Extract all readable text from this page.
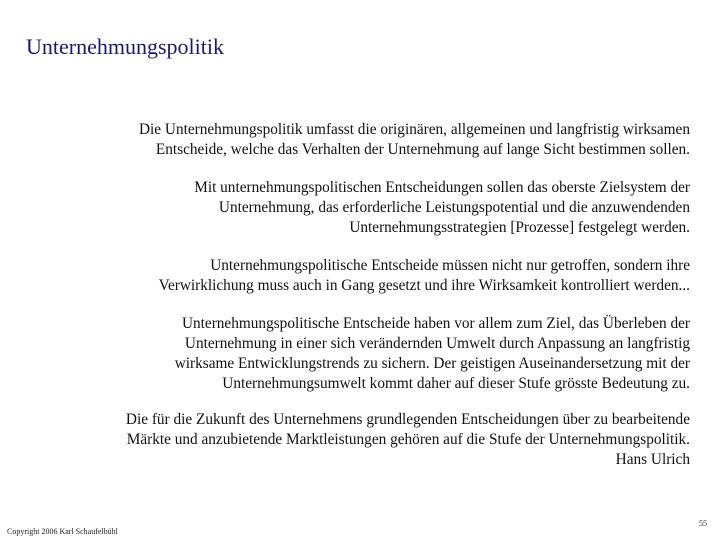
Unternehmungspolitik
Die Unternehmungspolitik umfasst die originären, allgemeinen und langfristig wirksamen
Entscheide, welche das Verhalten der Unternehmung auf lange Sicht bestimmen sollen.
Mit unternehmungspolitischen Entscheidungen sollen das oberste Zielsystem der
Unternehmung, das erforderliche Leistungspotential und die anzuwendenden
Unternehmungsstrategien [Prozesse] festgelegt werden.
Unternehmungspolitische Entscheide müssen nicht nur getroffen, sondern ihre
Verwirklichung muss auch in Gang gesetzt und ihre Wirksamkeit kontrolliert werden...
Unternehmungspolitische Entscheide haben vor allem zum Ziel, das Überleben der
Unternehmung in einer sich verändernden Umwelt durch Anpassung an langfristig
wirksame Entwicklungstrends zu sichern. Der geistigen Auseinandersetzung mit der
Unternehmungsumwelt kommt daher auf dieser Stufe grösste Bedeutung zu.
Die für die Zukunft des Unternehmens grundlegenden Entscheidungen über zu bearbeitende
Märkte und anzubietende Marktleistungen gehören auf die Stufe der Unternehmungspolitik.
Hans Ulrich
Copyright 2006 Karl Schaufelbühl
55
